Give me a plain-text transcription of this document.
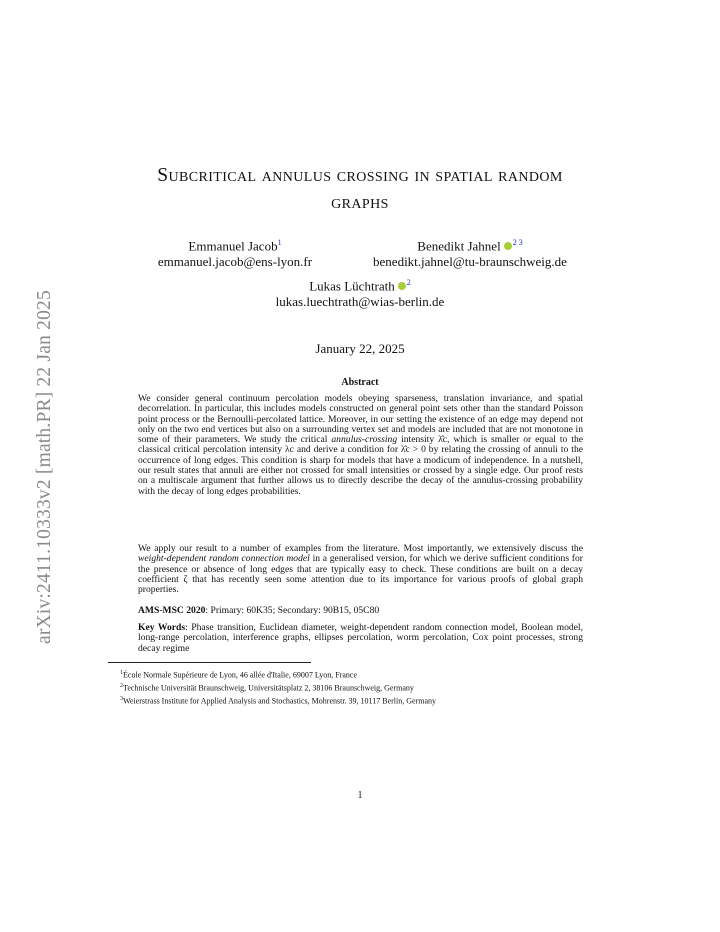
arXiv:2411.10333v2 [math.PR] 22 Jan 2025
Subcritical annulus crossing in spatial random
graphs
Emmanuel Jacob$^1$
emmanuel.jacob@ens-lyon.fr
Benedikt Jahnel $^{2 3}$
benedikt.jahnel@tu-braunschweig.de
Lukas Lüchtrath $^2$
lukas.luechtrath@wias-berlin.de
January 22, 2025
Abstract
We consider general continuum percolation models obeying sparseness, translation invariance, and spatial decorrelation. In particular, this includes models constructed on general point sets other than the standard Poisson point process or the Bernoulli-percolated lattice. Moreover, in our setting the existence of an edge may depend not only on the two end vertices but also on a surrounding vertex set and models are included that are not monotone in some of their parameters. We study the critical annulus-crossing intensity λ̂c, which is smaller or equal to the classical critical percolation intensity λc and derive a condition for λ̂c > 0 by relating the crossing of annuli to the occurrence of long edges. This condition is sharp for models that have a modicum of independence. In a nutshell, our result states that annuli are either not crossed for small intensities or crossed by a single edge. Our proof rests on a multiscale argument that further allows us to directly describe the decay of the annulus-crossing probability with the decay of long edges probabilities.
We apply our result to a number of examples from the literature. Most importantly, we extensively discuss the weight-dependent random connection model in a generalised version, for which we derive sufficient conditions for the presence or absence of long edges that are typically easy to check. These conditions are built on a decay coefficient ζ that has recently seen some attention due to its importance for various proofs of global graph properties.
AMS-MSC 2020: Primary: 60K35; Secondary: 90B15, 05C80
Key Words: Phase transition, Euclidean diameter, weight-dependent random connection model, Boolean model, long-range percolation, interference graphs, ellipses percolation, worm percolation, Cox point processes, strong decay regime
$^1$École Normale Supérieure de Lyon, 46 allée d'Italie, 69007 Lyon, France
$^2$Technische Universität Braunschweig, Universitätsplatz 2, 38106 Braunschweig, Germany
$^3$Weierstrass Institute for Applied Analysis and Stochastics, Mohrenstr. 39, 10117 Berlin, Germany
1
